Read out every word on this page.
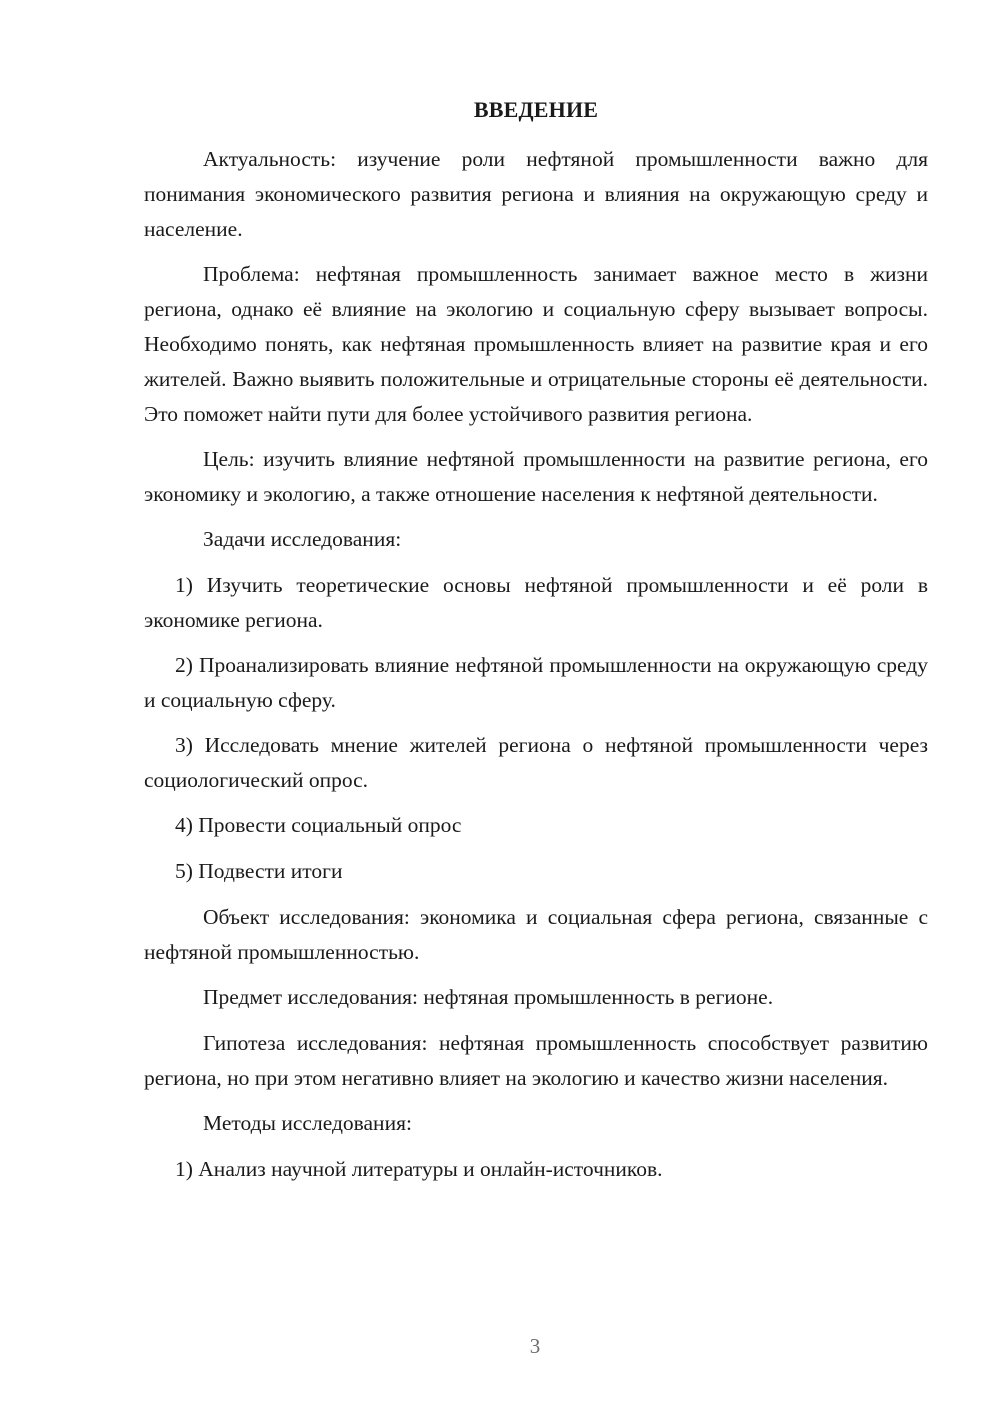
ВВЕДЕНИЕ

Актуальность: изучение роли нефтяной промышленности важно для понимания экономического развития региона и влияния на окружающую среду и население.

Проблема: нефтяная промышленность занимает важное место в жизни региона, однако её влияние на экологию и социальную сферу вызывает вопросы. Необходимо понять, как нефтяная промышленность влияет на развитие края и его жителей. Важно выявить положительные и отрицательные стороны её деятельности. Это поможет найти пути для более устойчивого развития региона.

Цель: изучить влияние нефтяной промышленности на развитие региона, его экономику и экологию, а также отношение населения к нефтяной деятельности.

Задачи исследования:

1) Изучить теоретические основы нефтяной промышленности и её роли в экономике региона.

2) Проанализировать влияние нефтяной промышленности на окружающую среду и социальную сферу.

3) Исследовать мнение жителей региона о нефтяной промышленности через социологический опрос.

4) Провести социальный опрос

5) Подвести итоги

Объект исследования: экономика и социальная сфера региона, связанные с нефтяной промышленностью.

Предмет исследования: нефтяная промышленность в регионе.

Гипотеза исследования: нефтяная промышленность способствует развитию региона, но при этом негативно влияет на экологию и качество жизни населения.

Методы исследования:

1) Анализ научной литературы и онлайн-источников.

3
